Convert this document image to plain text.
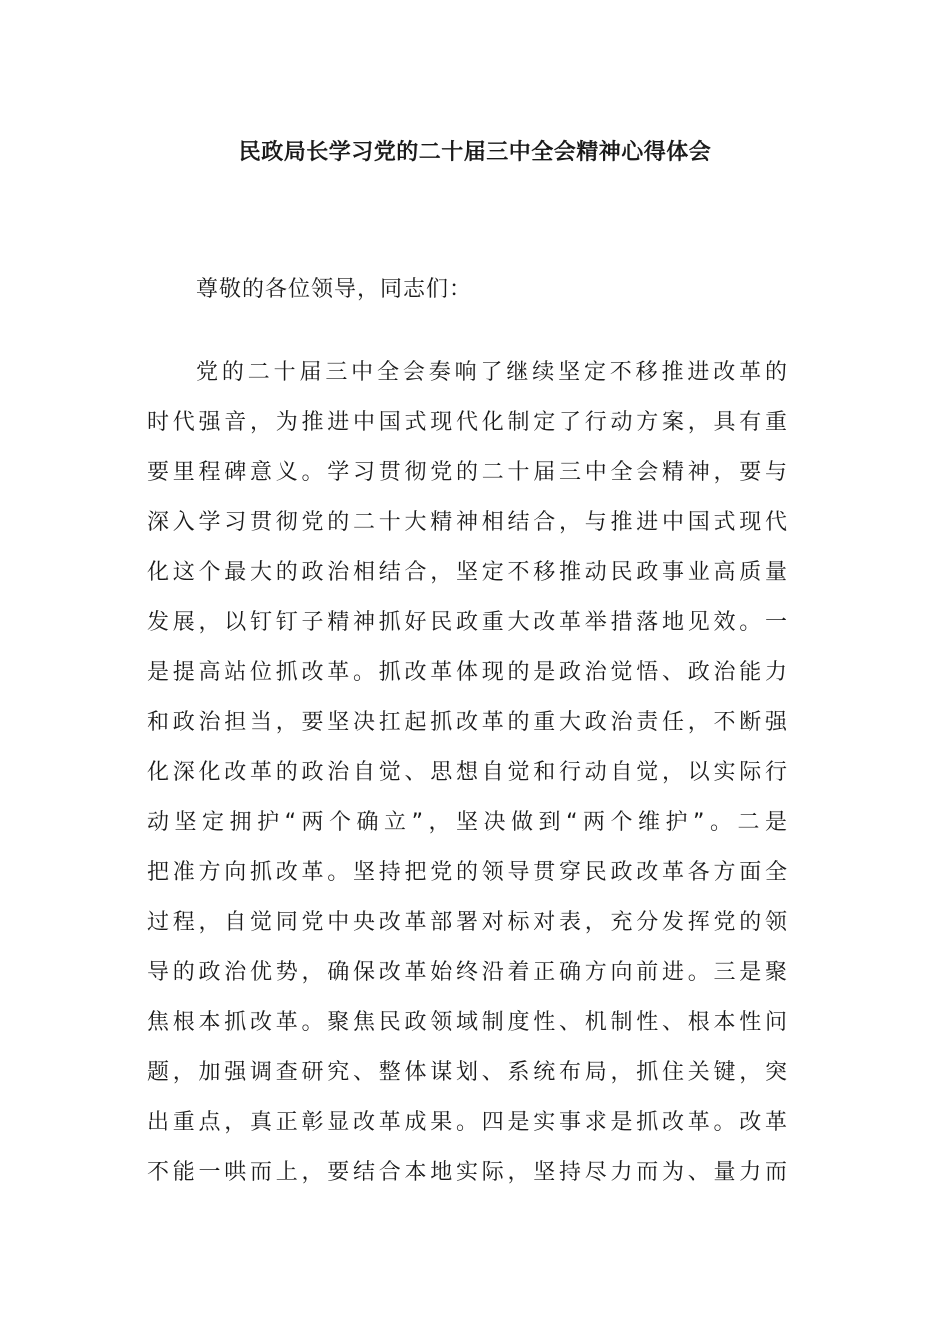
民政局长学习党的二十届三中全会精神心得体会

尊敬的各位领导，同志们：

党的二十届三中全会奏响了继续坚定不移推进改革的
时代强音，为推进中国式现代化制定了行动方案，具有重
要里程碑意义。学习贯彻党的二十届三中全会精神，要与
深入学习贯彻党的二十大精神相结合，与推进中国式现代
化这个最大的政治相结合，坚定不移推动民政事业高质量
发展，以钉钉子精神抓好民政重大改革举措落地见效。一
是提高站位抓改革。抓改革体现的是政治觉悟、政治能力
和政治担当，要坚决扛起抓改革的重大政治责任，不断强
化深化改革的政治自觉、思想自觉和行动自觉，以实际行
动坚定拥护“两个确立”，坚决做到“两个维护”。二是
把准方向抓改革。坚持把党的领导贯穿民政改革各方面全
过程，自觉同党中央改革部署对标对表，充分发挥党的领
导的政治优势，确保改革始终沿着正确方向前进。三是聚
焦根本抓改革。聚焦民政领域制度性、机制性、根本性问
题，加强调查研究、整体谋划、系统布局，抓住关键，突
出重点，真正彰显改革成果。四是实事求是抓改革。改革
不能一哄而上，要结合本地实际，坚持尽力而为、量力而
